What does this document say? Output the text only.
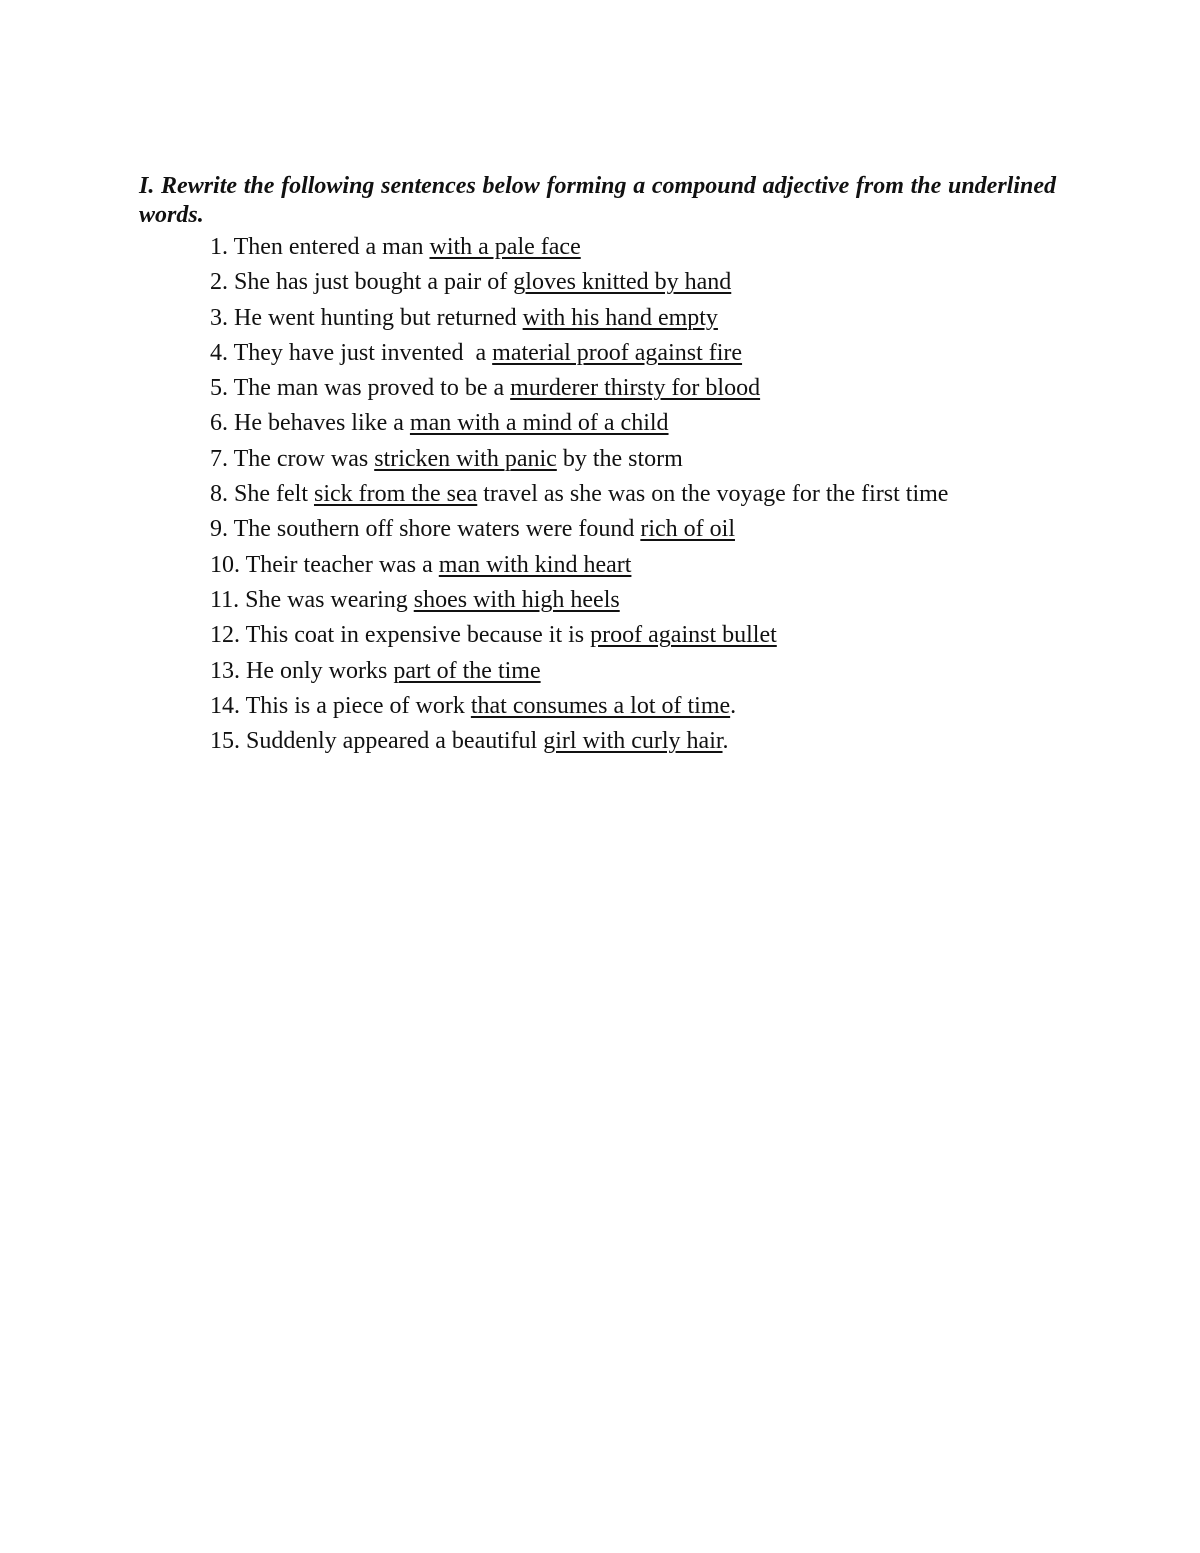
I. Rewrite the following sentences below forming a compound adjective from the underlined words.

1. Then entered a man with a pale face
2. She has just bought a pair of gloves knitted by hand
3. He went hunting but returned with his hand empty
4. They have just invented  a material proof against fire
5. The man was proved to be a murderer thirsty for blood
6. He behaves like a man with a mind of a child
7. The crow was stricken with panic by the storm
8. She felt sick from the sea travel as she was on the voyage for the first time
9. The southern off shore waters were found rich of oil
10. Their teacher was a man with kind heart
11. She was wearing shoes with high heels
12. This coat in expensive because it is proof against bullet
13. He only works part of the time
14. This is a piece of work that consumes a lot of time.
15. Suddenly appeared a beautiful girl with curly hair.
